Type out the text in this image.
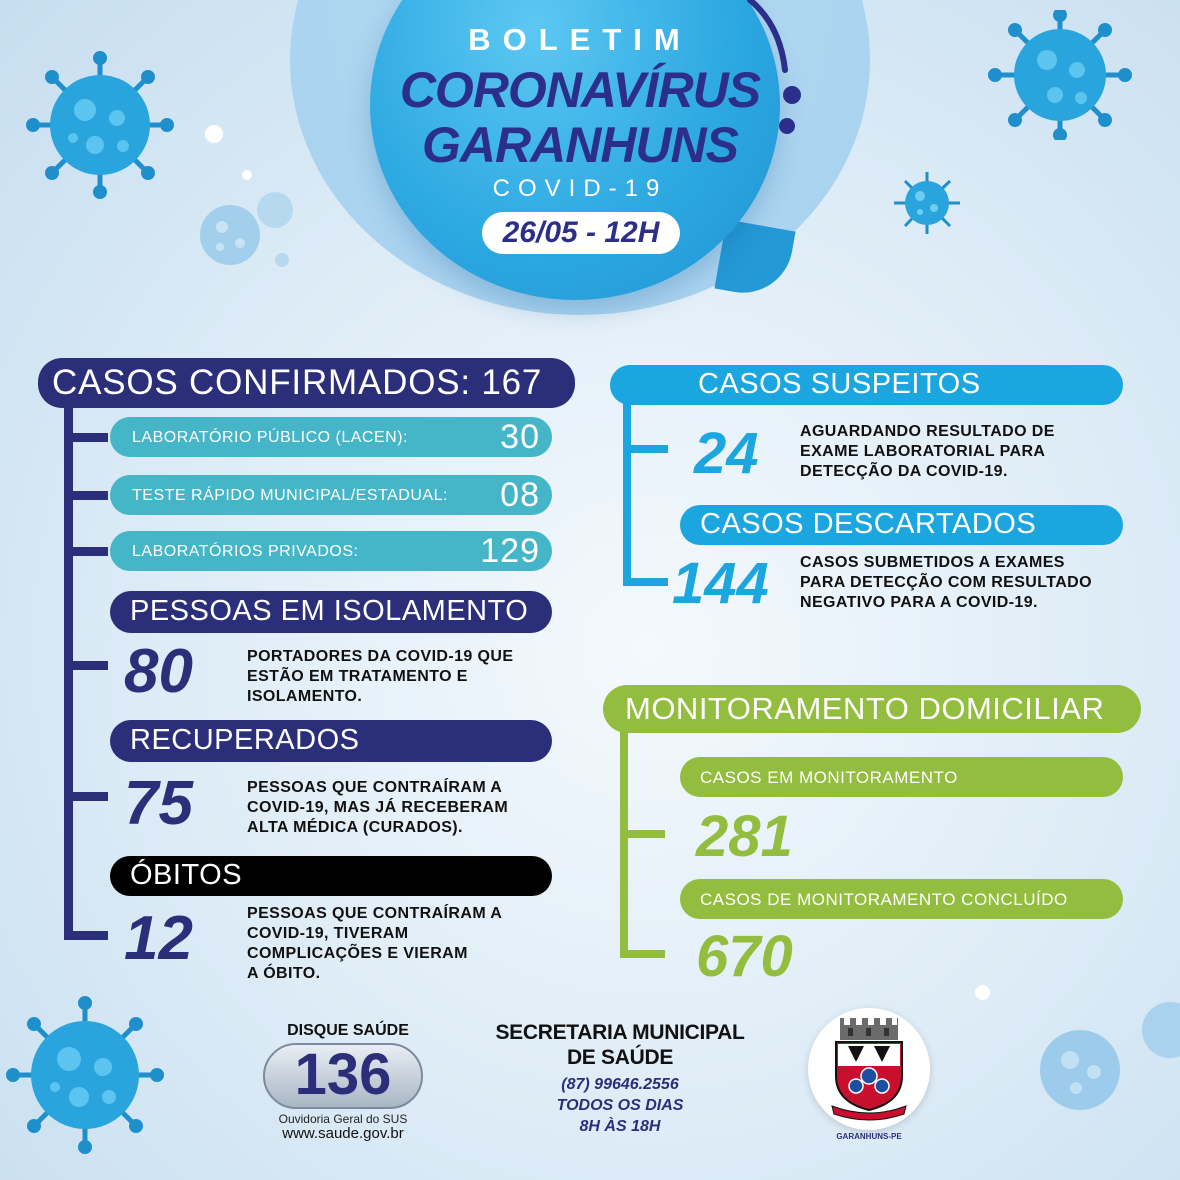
BOLETIM
CORONAVÍRUS
GARANHUNS
COVID-19
26/05 - 12H
CASOS CONFIRMADOS: 167
LABORATÓRIO PÚBLICO (LACEN):	30
TESTE RÁPIDO MUNICIPAL/ESTADUAL: 08
LABORATÓRIOS PRIVADOS:	129
PESSOAS EM ISOLAMENTO
80	PORTADORES DA COVID-19 QUE
ESTÃO EM TRATAMENTO E
ISOLAMENTO.
RECUPERADOS
75	PESSOAS QUE CONTRAÍRAM A
COVID-19, MAS JÁ RECEBERAM
ALTA MÉDICA (CURADOS).
ÓBITOS
12	PESSOAS QUE CONTRAÍRAM A
COVID-19, TIVERAM
COMPLICAÇÕES E VIERAM
A ÓBITO.
CASOS SUSPEITOS
24	AGUARDANDO RESULTADO DE
EXAME LABORATORIAL PARA
DETECÇÃO DA COVID-19.
CASOS DESCARTADOS
144 CASOS SUBMETIDOS A EXAMES
PARA DETECÇÃO COM RESULTADO
NEGATIVO PARA A COVID-19.
MONITORAMENTO DOMICILIAR
CASOS EM MONITORAMENTO
281
CASOS DE MONITORAMENTO CONCLUÍDO
670
DISQUE SAÚDE
136
Ouvidoria Geral do SUS
www.saude.gov.br
SECRETARIA MUNICIPAL
DE SAÚDE
(87) 99646.2556
TODOS OS DIAS
8H ÀS 18H
GARANHUNS-PE
